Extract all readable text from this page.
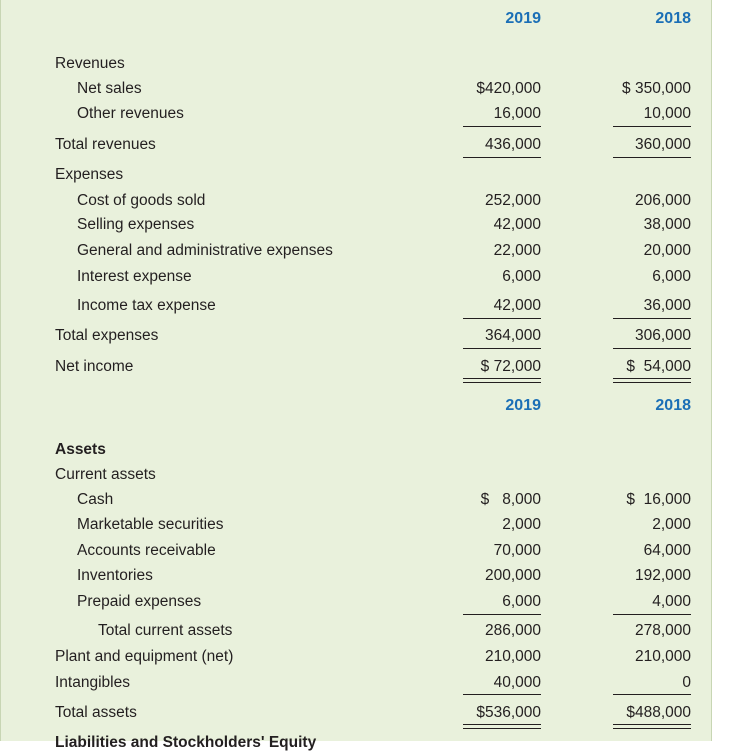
2019	2018
Revenues
Net sales	$420,000	$ 350,000
Other revenues	16,000	10,000
Total revenues	436,000	360,000
Expenses
Cost of goods sold	252,000	206,000
Selling expenses	42,000	38,000
General and administrative expenses	22,000	20,000
Interest expense	6,000	6,000
Income tax expense	42,000	36,000
Total expenses	364,000	306,000
Net income	$ 72,000	$  54,000
2019	2018
Assets
Current assets
Cash	$   8,000	$  16,000
Marketable securities	2,000	2,000
Accounts receivable	70,000	64,000
Inventories	200,000	192,000
Prepaid expenses	6,000	4,000
Total current assets	286,000	278,000
Plant and equipment (net)	210,000	210,000
Intangibles	40,000	0
Total assets	$536,000	$488,000
Liabilities and Stockholders' Equity
